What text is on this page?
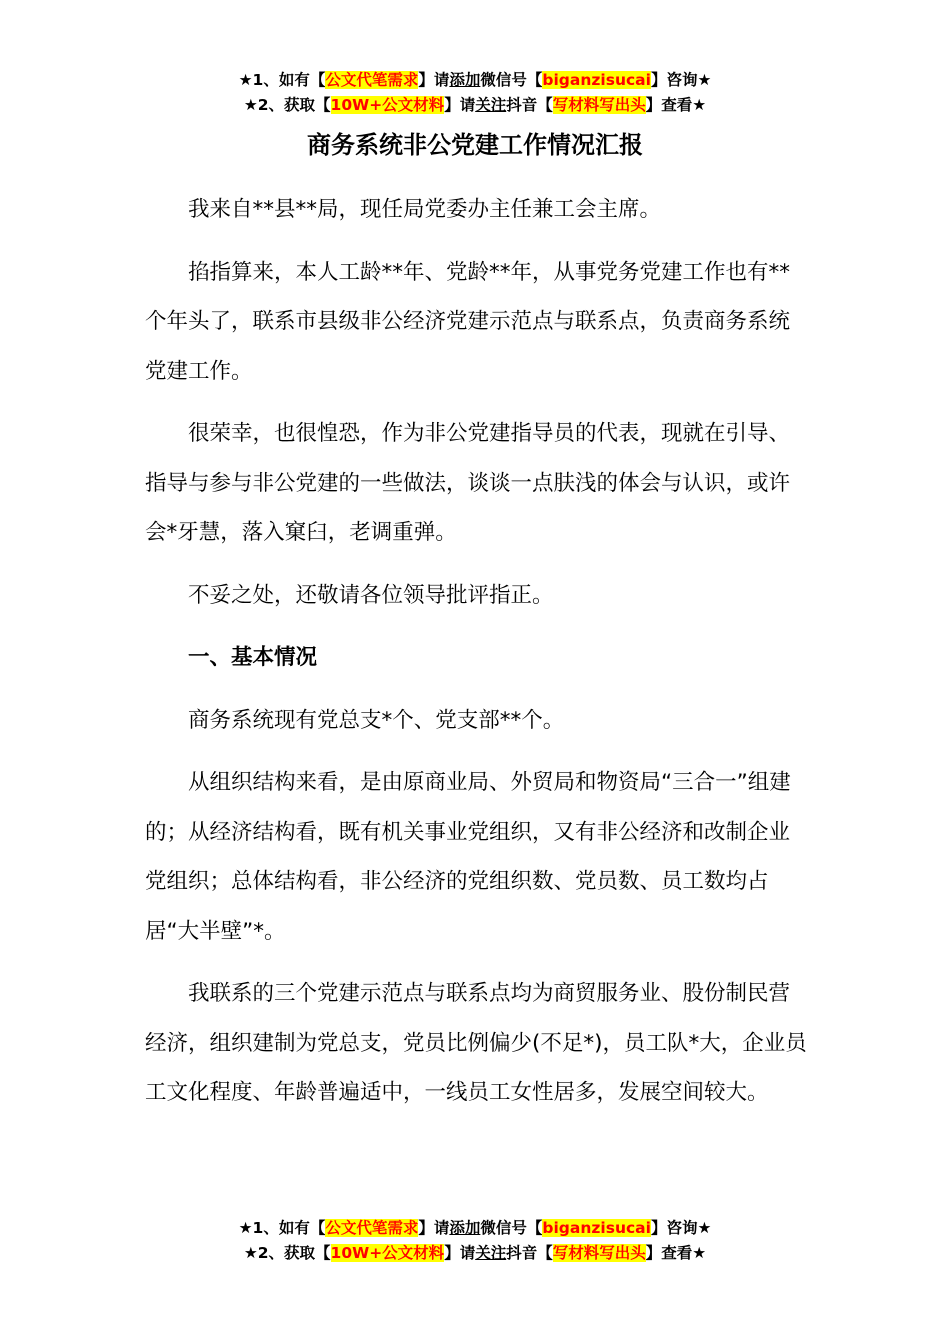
★1、如有【公文代笔需求】请添加微信号【biganzisucai】咨询★
★2、获取【10W+公文材料】请关注抖音【写材料写出头】查看★
商务系统非公党建工作情况汇报

我来自**县**局，现任局党委办主任兼工会主席。

掐指算来，本人工龄**年、党龄**年，从事党务党建工作也有**个年头了，联系市县级非公经济党建示范点与联系点，负责商务系统党建工作。

很荣幸，也很惶恐，作为非公党建指导员的代表，现就在引导、指导与参与非公党建的一些做法，谈谈一点肤浅的体会与认识，或许会*牙慧，落入窠臼，老调重弹。

不妥之处，还敬请各位领导批评指正。

一、基本情况

商务系统现有党总支*个、党支部**个。

从组织结构来看，是由原商业局、外贸局和物资局“三合一”组建的；从经济结构看，既有机关事业党组织，又有非公经济和改制企业党组织；总体结构看，非公经济的党组织数、党员数、员工数均占居“大半壁”*。

我联系的三个党建示范点与联系点均为商贸服务业、股份制民营经济，组织建制为党总支，党员比例偏少(不足*)，员工队*大，企业员工文化程度、年龄普遍适中，一线员工女性居多，发展空间较大。

★1、如有【公文代笔需求】请添加微信号【biganzisucai】咨询★
★2、获取【10W+公文材料】请关注抖音【写材料写出头】查看★
